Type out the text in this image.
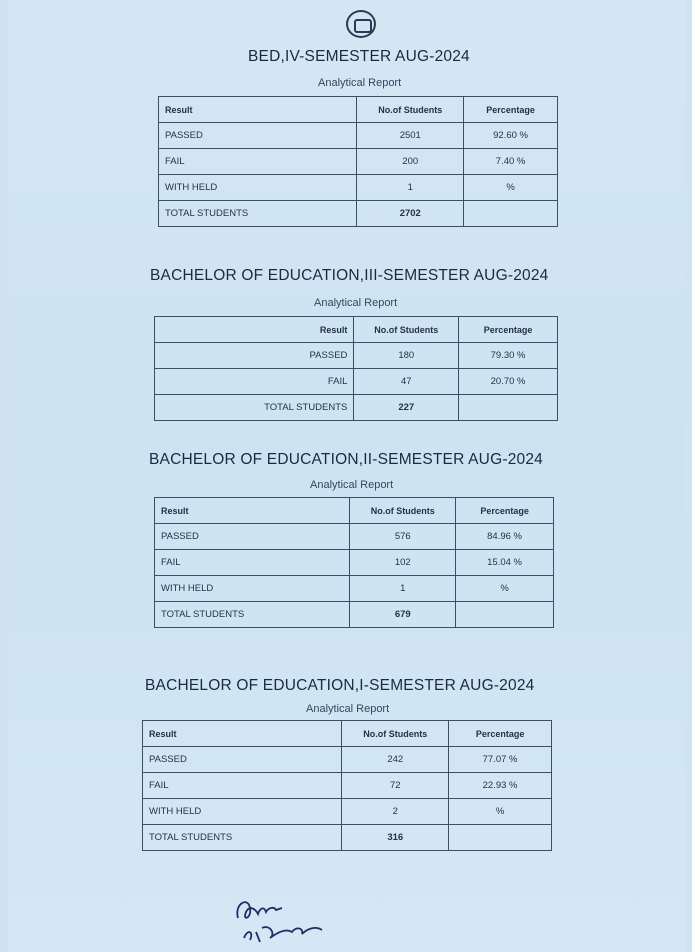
BED,IV-SEMESTER AUG-2024
Analytical Report
Result	No.of Students	Percentage
PASSED	2501	92.60 %
FAIL	200	7.40 %
WITH HELD	1	%
TOTAL STUDENTS	2702	
BACHELOR OF EDUCATION,III-SEMESTER AUG-2024
Analytical Report
Result	No.of Students	Percentage
PASSED	180	79.30 %
FAIL	47	20.70 %
TOTAL STUDENTS	227	
BACHELOR OF EDUCATION,II-SEMESTER AUG-2024
Analytical Report
Result	No.of Students	Percentage
PASSED	576	84.96 %
FAIL	102	15.04 %
WITH HELD	1	%
TOTAL STUDENTS	679	
BACHELOR OF EDUCATION,I-SEMESTER AUG-2024
Analytical Report
Result	No.of Students	Percentage
PASSED	242	77.07 %
FAIL	72	22.93 %
WITH HELD	2	%
TOTAL STUDENTS	316	
